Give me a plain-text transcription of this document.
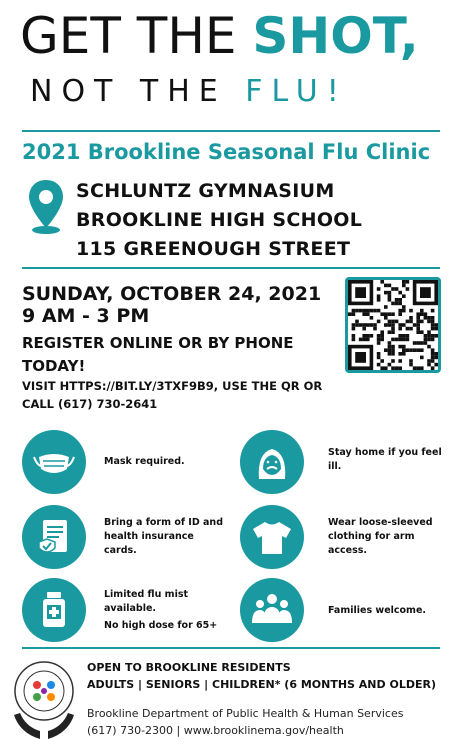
GET THE SHOT,
NOT THE FLU!
2021 Brookline Seasonal Flu Clinic
SCHLUNTZ GYMNASIUM
BROOKLINE HIGH SCHOOL
115 GREENOUGH STREET
SUNDAY, OCTOBER 24, 2021
9 AM - 3 PM
REGISTER ONLINE OR BY PHONE
TODAY!
VISIT HTTPS://BIT.LY/3TXF9B9, USE THE QR OR
CALL (617) 730-2641
Mask required.
Stay home if you feel
ill.
Bring a form of ID and
health insurance
cards.
Wear loose-sleeved
clothing for arm
access.
Limited flu mist
available.
No high dose for 65+
Families welcome.
OPEN TO BROOKLINE RESIDENTS
ADULTS | SENIORS | CHILDREN* (6 MONTHS AND OLDER)
Brookline Department of Public Health & Human Services
(617) 730-2300 | www.brooklinema.gov/health
